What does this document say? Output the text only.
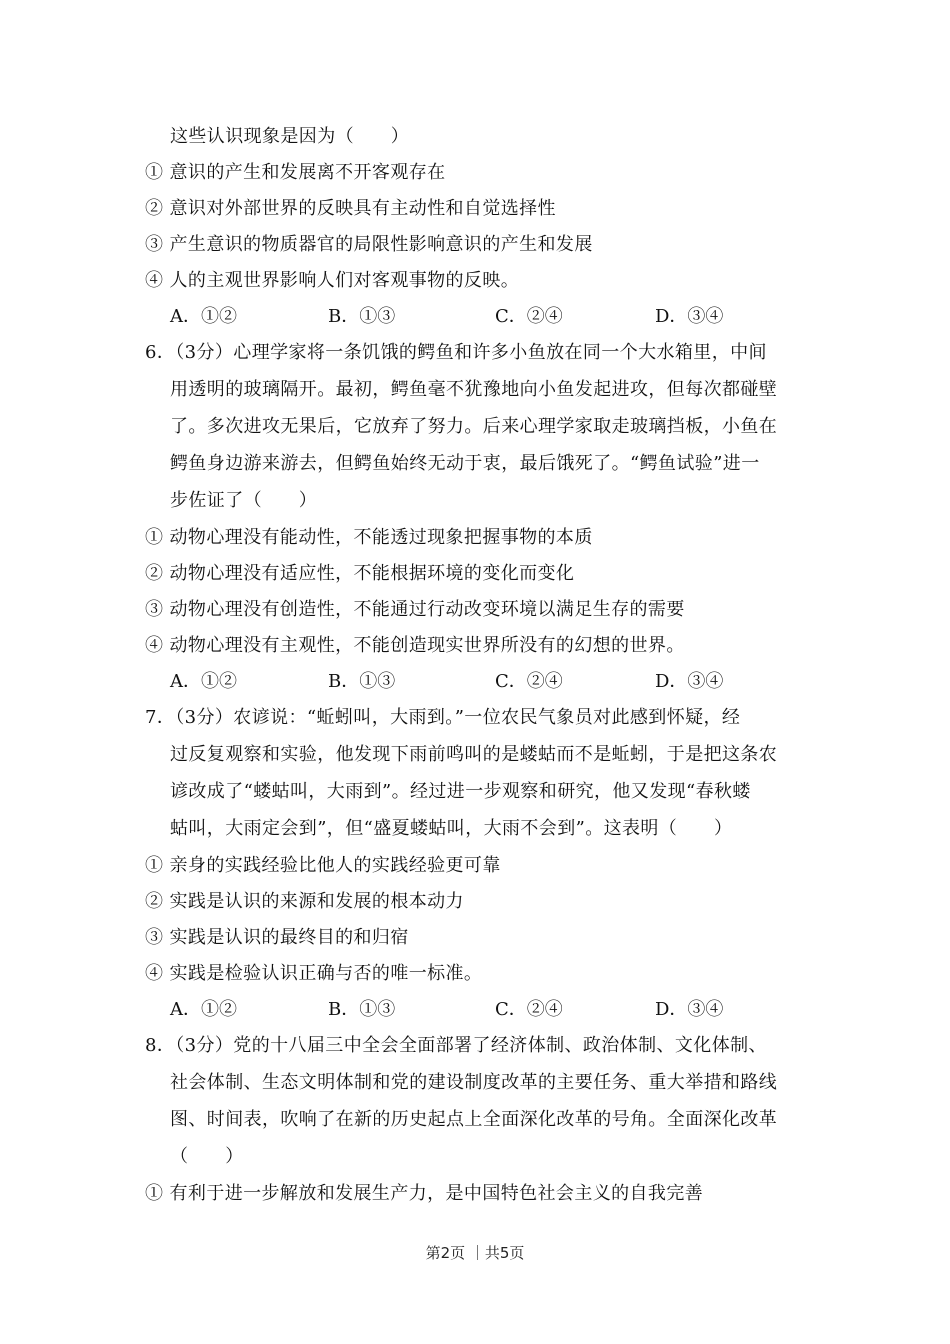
这些认识现象是因为（　　）
① 意识的产生和发展离不开客观存在
② 意识对外部世界的反映具有主动性和自觉选择性
③ 产生意识的物质器官的局限性影响意识的产生和发展
④ 人的主观世界影响人们对客观事物的反映。
A．①②	B．①③	C．②④	D．③④
6．（3分）心理学家将一条饥饿的鳄鱼和许多小鱼放在同一个大水箱里，中间
用透明的玻璃隔开。最初，鳄鱼毫不犹豫地向小鱼发起进攻，但每次都碰壁
了。多次进攻无果后，它放弃了努力。后来心理学家取走玻璃挡板，小鱼在
鳄鱼身边游来游去，但鳄鱼始终无动于衷，最后饿死了。“鳄鱼试验”进一
步佐证了（　　）
① 动物心理没有能动性，不能透过现象把握事物的本质
② 动物心理没有适应性，不能根据环境的变化而变化
③ 动物心理没有创造性，不能通过行动改变环境以满足生存的需要
④ 动物心理没有主观性，不能创造现实世界所没有的幻想的世界。
A．①②	B．①③	C．②④	D．③④
7．（3分）农谚说：“蚯蚓叫，大雨到。”一位农民气象员对此感到怀疑，经
过反复观察和实验，他发现下雨前鸣叫的是蝼蛄而不是蚯蚓，于是把这条农
谚改成了“蝼蛄叫，大雨到”。经过进一步观察和研究，他又发现“春秋蝼
蛄叫，大雨定会到”，但“盛夏蝼蛄叫，大雨不会到”。这表明（　　）
① 亲身的实践经验比他人的实践经验更可靠
② 实践是认识的来源和发展的根本动力
③ 实践是认识的最终目的和归宿
④ 实践是检验认识正确与否的唯一标准。
A．①②	B．①③	C．②④	D．③④
8．（3分）党的十八届三中全会全面部署了经济体制、政治体制、文化体制、
社会体制、生态文明体制和党的建设制度改革的主要任务、重大举措和路线
图、时间表，吹响了在新的历史起点上全面深化改革的号角。全面深化改革
（　　）
① 有利于进一步解放和发展生产力，是中国特色社会主义的自我完善
第2页 ｜共5页
